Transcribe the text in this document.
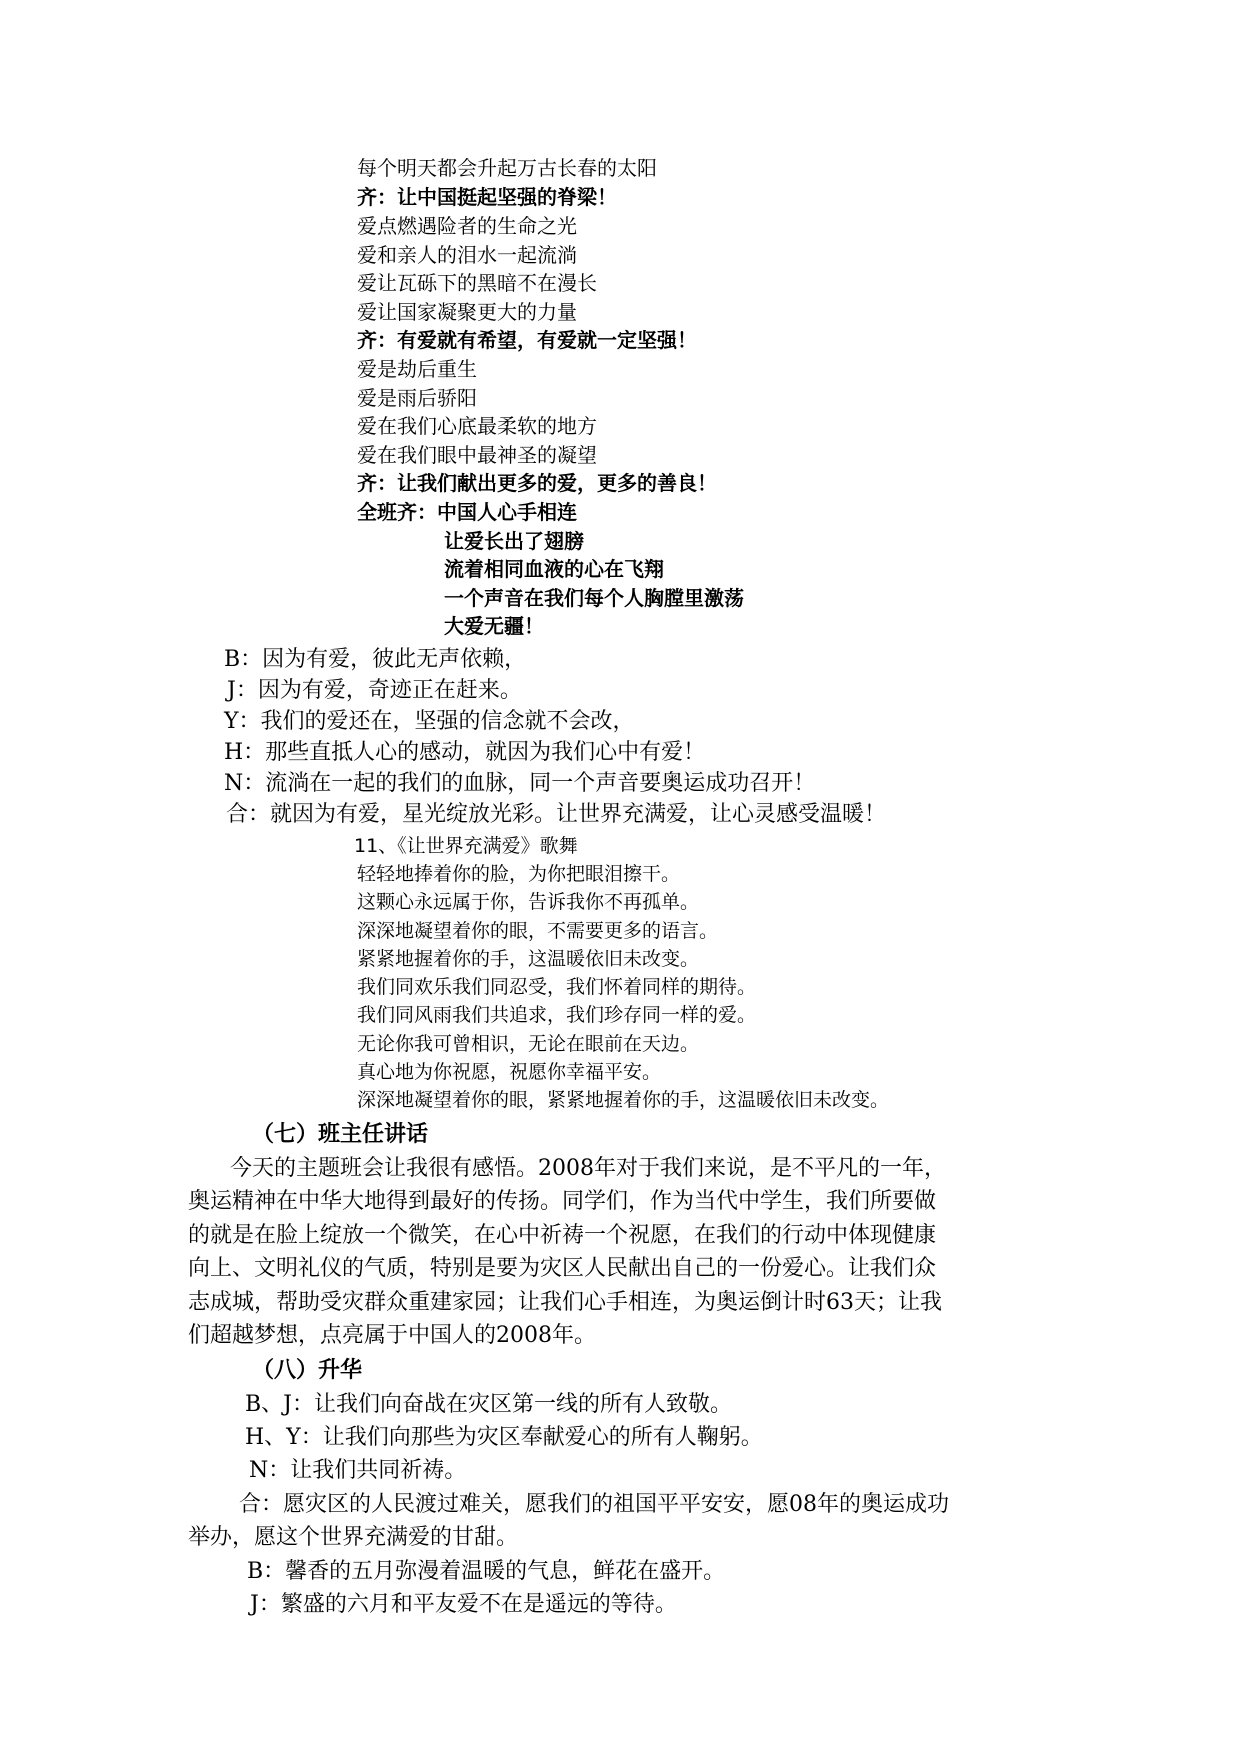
每个明天都会升起万古长春的太阳
齐：让中国挺起坚强的脊梁！
爱点燃遇险者的生命之光
爱和亲人的泪水一起流淌
爱让瓦砾下的黑暗不在漫长
爱让国家凝聚更大的力量
齐：有爱就有希望，有爱就一定坚强！
爱是劫后重生
爱是雨后骄阳
爱在我们心底最柔软的地方
爱在我们眼中最神圣的凝望
齐：让我们献出更多的爱，更多的善良！
全班齐：中国人心手相连
让爱长出了翅膀
流着相同血液的心在飞翔
一个声音在我们每个人胸膛里激荡
大爱无疆！
B：因为有爱，彼此无声依赖，
J：因为有爱，奇迹正在赶来。
Y：我们的爱还在，坚强的信念就不会改，
H：那些直抵人心的感动，就因为我们心中有爱！
N：流淌在一起的我们的血脉，同一个声音要奥运成功召开！
合：就因为有爱，星光绽放光彩。让世界充满爱，让心灵感受温暖！
11、《让世界充满爱》歌舞
轻轻地捧着你的脸，为你把眼泪擦干。
这颗心永远属于你，告诉我你不再孤单。
深深地凝望着你的眼，不需要更多的语言。
紧紧地握着你的手，这温暖依旧未改变。
我们同欢乐我们同忍受，我们怀着同样的期待。
我们同风雨我们共追求，我们珍存同一样的爱。
无论你我可曾相识，无论在眼前在天边。
真心地为你祝愿，祝愿你幸福平安。
深深地凝望着你的眼，紧紧地握着你的手，这温暖依旧未改变。
（七）班主任讲话
今天的主题班会让我很有感悟。2008年对于我们来说，是不平凡的一年，
奥运精神在中华大地得到最好的传扬。同学们，作为当代中学生，我们所要做
的就是在脸上绽放一个微笑，在心中祈祷一个祝愿，在我们的行动中体现健康
向上、文明礼仪的气质，特别是要为灾区人民献出自己的一份爱心。让我们众
志成城，帮助受灾群众重建家园；让我们心手相连，为奥运倒计时63天；让我
们超越梦想，点亮属于中国人的2008年。
（八）升华
B、J：让我们向奋战在灾区第一线的所有人致敬。
H、Y：让我们向那些为灾区奉献爱心的所有人鞠躬。
N：让我们共同祈祷。
合：愿灾区的人民渡过难关，愿我们的祖国平平安安，愿08年的奥运成功
举办，愿这个世界充满爱的甘甜。
B：馨香的五月弥漫着温暖的气息，鲜花在盛开。
J：繁盛的六月和平友爱不在是遥远的等待。
